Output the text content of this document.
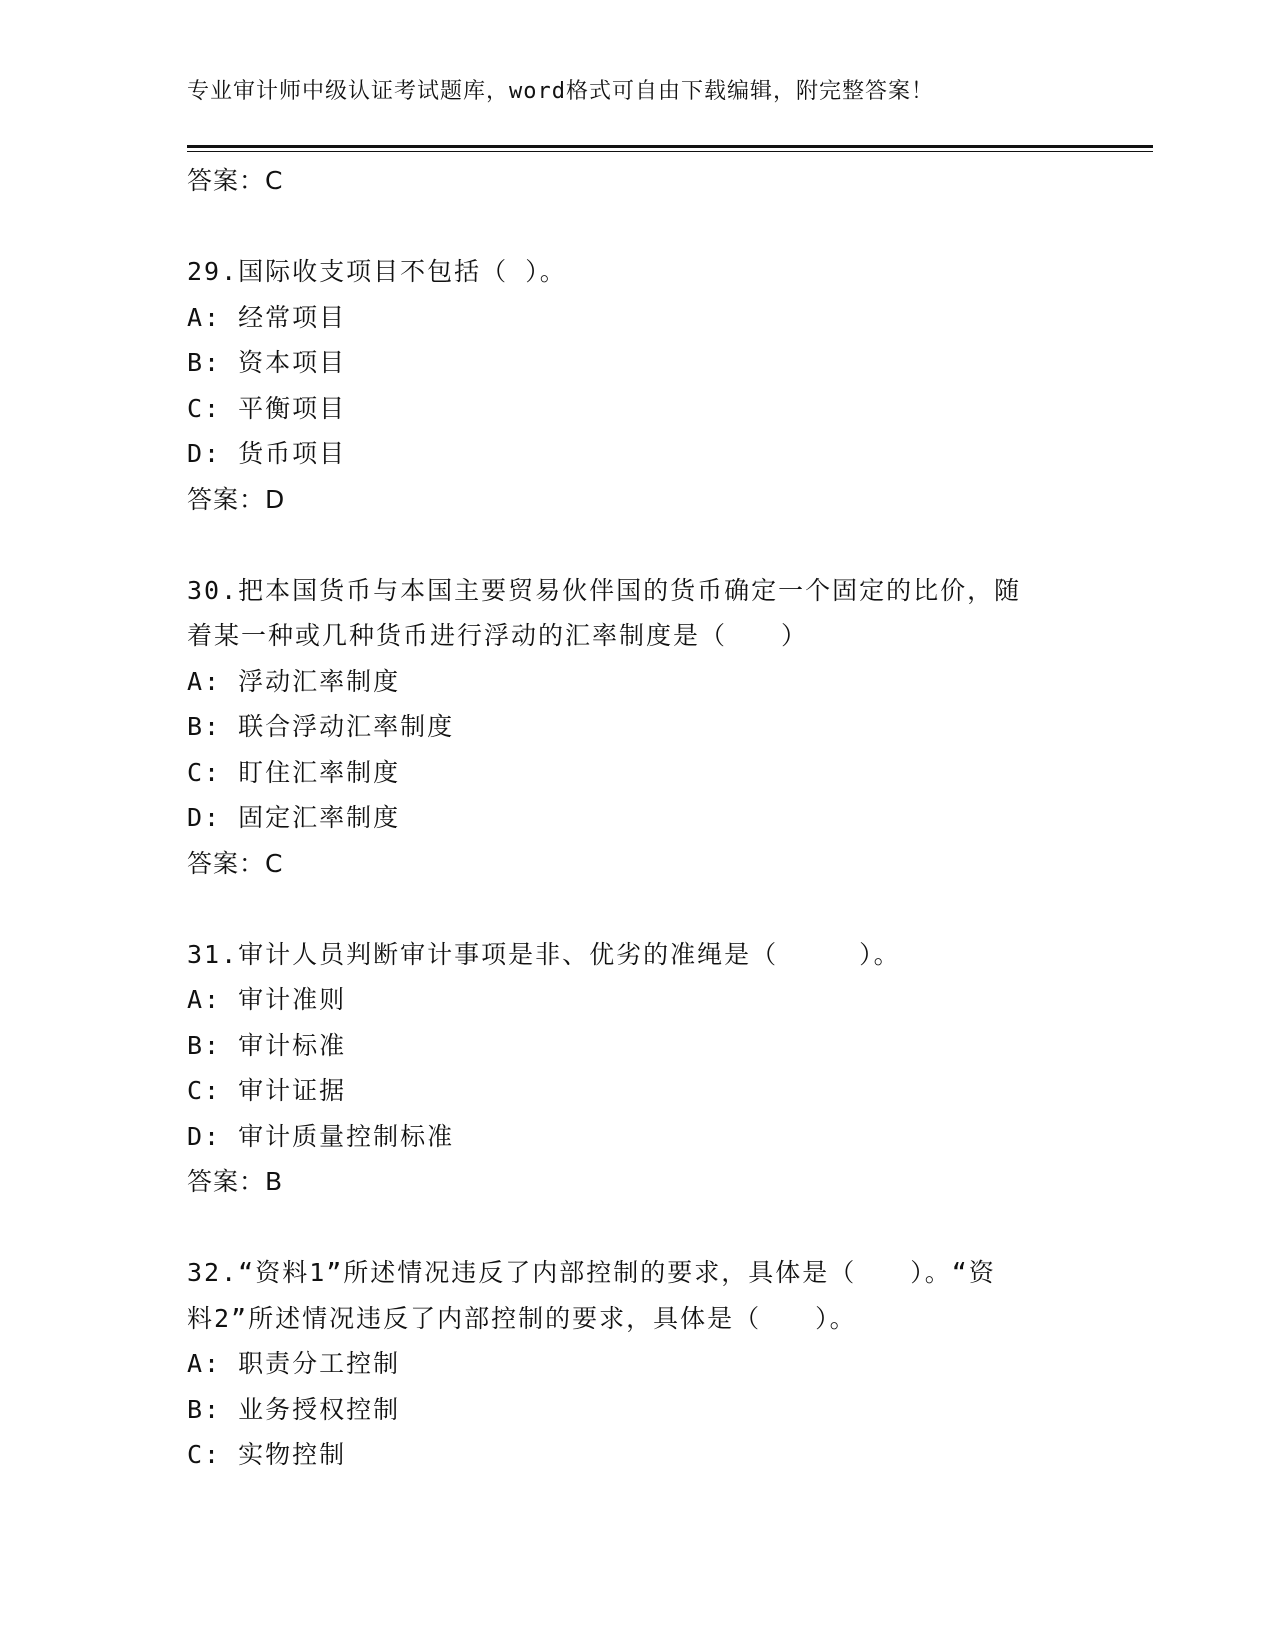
专业审计师中级认证考试题库，word格式可自由下载编辑，附完整答案！
答案：C
29.国际收支项目不包括（ ）。
A: 经常项目
B: 资本项目
C: 平衡项目
D: 货币项目
答案：D
30.把本国货币与本国主要贸易伙伴国的货币确定一个固定的比价，随
着某一种或几种货币进行浮动的汇率制度是（　　）
A: 浮动汇率制度
B: 联合浮动汇率制度
C: 盯住汇率制度
D: 固定汇率制度
答案：C
31.审计人员判断审计事项是非、优劣的准绳是（　　　）。
A: 审计准则
B: 审计标准
C: 审计证据
D: 审计质量控制标准
答案：B
32.“资料1”所述情况违反了内部控制的要求，具体是（　　）。“资
料2”所述情况违反了内部控制的要求，具体是（　　）。
A: 职责分工控制
B: 业务授权控制
C: 实物控制
